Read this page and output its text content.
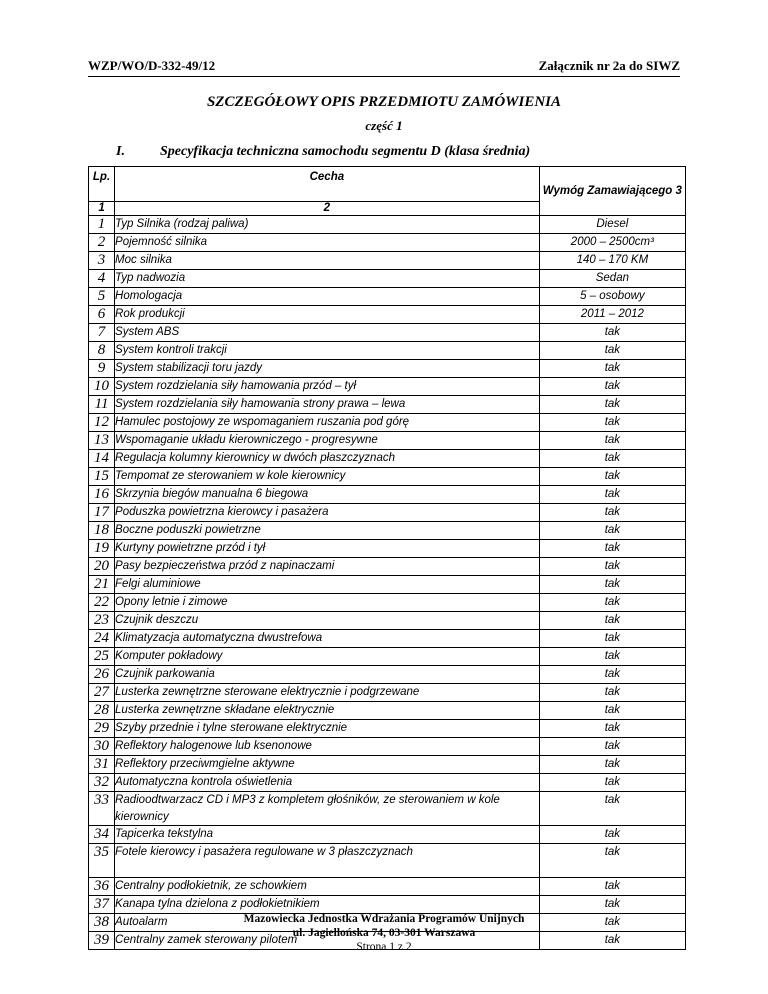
WZP/WO/D-332-49/12	Załącznik nr 2a do SIWZ
SZCZEGÓŁOWY OPIS PRZEDMIOTU ZAMÓWIENIA
część 1
I.	Specyfikacja techniczna samochodu segmentu D (klasa średnia)
Lp.	Cecha	Wymóg Zamawiającego 3
1	2	
1	Typ Silnika (rodzaj paliwa)	Diesel
2	Pojemność silnika	2000 – 2500cm³
3	Moc silnika	140 – 170 KM
4	Typ nadwozia	Sedan
5	Homologacja	5 – osobowy
6	Rok produkcji	2011 – 2012
7	System ABS	tak
8	System kontroli trakcji	tak
9	System stabilizacji toru jazdy	tak
10	System rozdzielania siły hamowania przód – tył	tak
11	System rozdzielania siły hamowania strony prawa – lewa	tak
12	Hamulec postojowy ze wspomaganiem ruszania pod górę	tak
13	Wspomaganie układu kierowniczego - progresywne	tak
14	Regulacja kolumny kierownicy w dwóch płaszczyznach	tak
15	Tempomat ze sterowaniem w kole kierownicy	tak
16	Skrzynia biegów manualna 6 biegowa	tak
17	Poduszka powietrzna kierowcy i pasażera	tak
18	Boczne poduszki powietrzne	tak
19	Kurtyny powietrzne przód i tył	tak
20	Pasy bezpieczeństwa przód z napinaczami	tak
21	Felgi aluminiowe	tak
22	Opony letnie i zimowe	tak
23	Czujnik deszczu	tak
24	Klimatyzacja automatyczna dwustrefowa	tak
25	Komputer pokładowy	tak
26	Czujnik parkowania	tak
27	Lusterka zewnętrzne sterowane elektrycznie i podgrzewane	tak
28	Lusterka zewnętrzne składane elektrycznie	tak
29	Szyby przednie i tylne sterowane elektrycznie	tak
30	Reflektory halogenowe lub ksenonowe	tak
31	Reflektory przeciwmgielne aktywne	tak
32	Automatyczna kontrola oświetlenia	tak
33	Radioodtwarzacz CD i MP3 z kompletem głośników, ze sterowaniem w kole kierownicy	tak
34	Tapicerka tekstylna	tak
35	Fotele kierowcy i pasażera regulowane w 3 płaszczyznach	tak
36	Centralny podłokietnik, ze schowkiem	tak
37	Kanapa tylna dzielona z podłokietnikiem	tak
38	Autoalarm	tak
39	Centralny zamek sterowany pilotem	tak
Mazowiecka Jednostka Wdrażania Programów Unijnych
ul. Jagiellońska 74, 03-301 Warszawa
Strona 1 z 2
